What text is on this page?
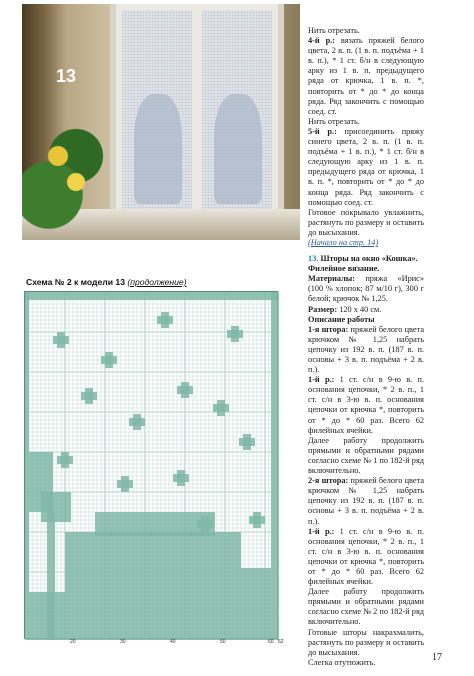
13
Схема № 2 к модели 13 (продолжение)
20	30	40	50	60 62

Нить отрезать.

4-й р.: вязать пряжей белого цвета, 2 в. п. (1 в. п. подъёма + 1 в. п.), * 1 ст. б/н в следующую арку из 1 в. п. предыдущего ряда от крючка, 1 в. п. *, повторить от * до * до конца ряда. Ряд закончить с помощью соед. ст.

Нить отрезать.

5-й р.: присоединить пряжу синего цвета, 2 в. п. (1 в. п. подъёма + 1 в. п.), * 1 ст. б/н в следующую арку из 1 в. п. предыдущего ряда от крючка, 1 в. п. *, повторить от * до * до конца ряда. Ряд закончить с помощью соед. ст.

Готовое покрывало увлажнить, растянуть по размеру и оставить до высыхания.

(Начало на стр. 14)

13. Шторы на окно «Кошка».

Филейное вязание.

Материалы: пряжа «Ирис» (100 % хлопок; 87 м/10 г), 300 г белой; крючок № 1,25.

Размер: 120 х 40 см.

Описание работы

1-я штора: пряжей белого цвета крючком № 1,25 набрать цепочку из 192 в. п. (187 в. п. основы + 3 в. п. подъёма + 2 в. п.).

1-й р.: 1 ст. с/н в 9-ю в. п. основания цепочки, * 2 в. п., 1 ст. с/н в 3-ю в. п. основания цепочки от крючка *, повторить от * до * 60 раз. Всего 62 филейных ячейки.

Далее работу продолжить прямыми и обратными рядами согласно схеме № 1 по 182-й ряд включительно.

2-я штора: пряжей белого цвета крючком № 1,25 набрать цепочку из 192 в. п. (187 в. п. основы + 3 в. п. подъёма + 2 в. п.).

1-й р.: 1 ст. с/н в 9-ю в. п. основания цепочки, * 2 в. п., 1 ст. с/н в 3-ю в. п. основания цепочки от крючка *, повторить от * до * 60 раз. Всего 62 филейных ячейки.

Далее работу продолжить прямыми и обратными рядами согласно схеме № 2 по 182-й ряд включительно.

Готовые шторы накрахмалить, растянуть по размеру и оставить до высыхания.

Слегка отутюжить.	17
